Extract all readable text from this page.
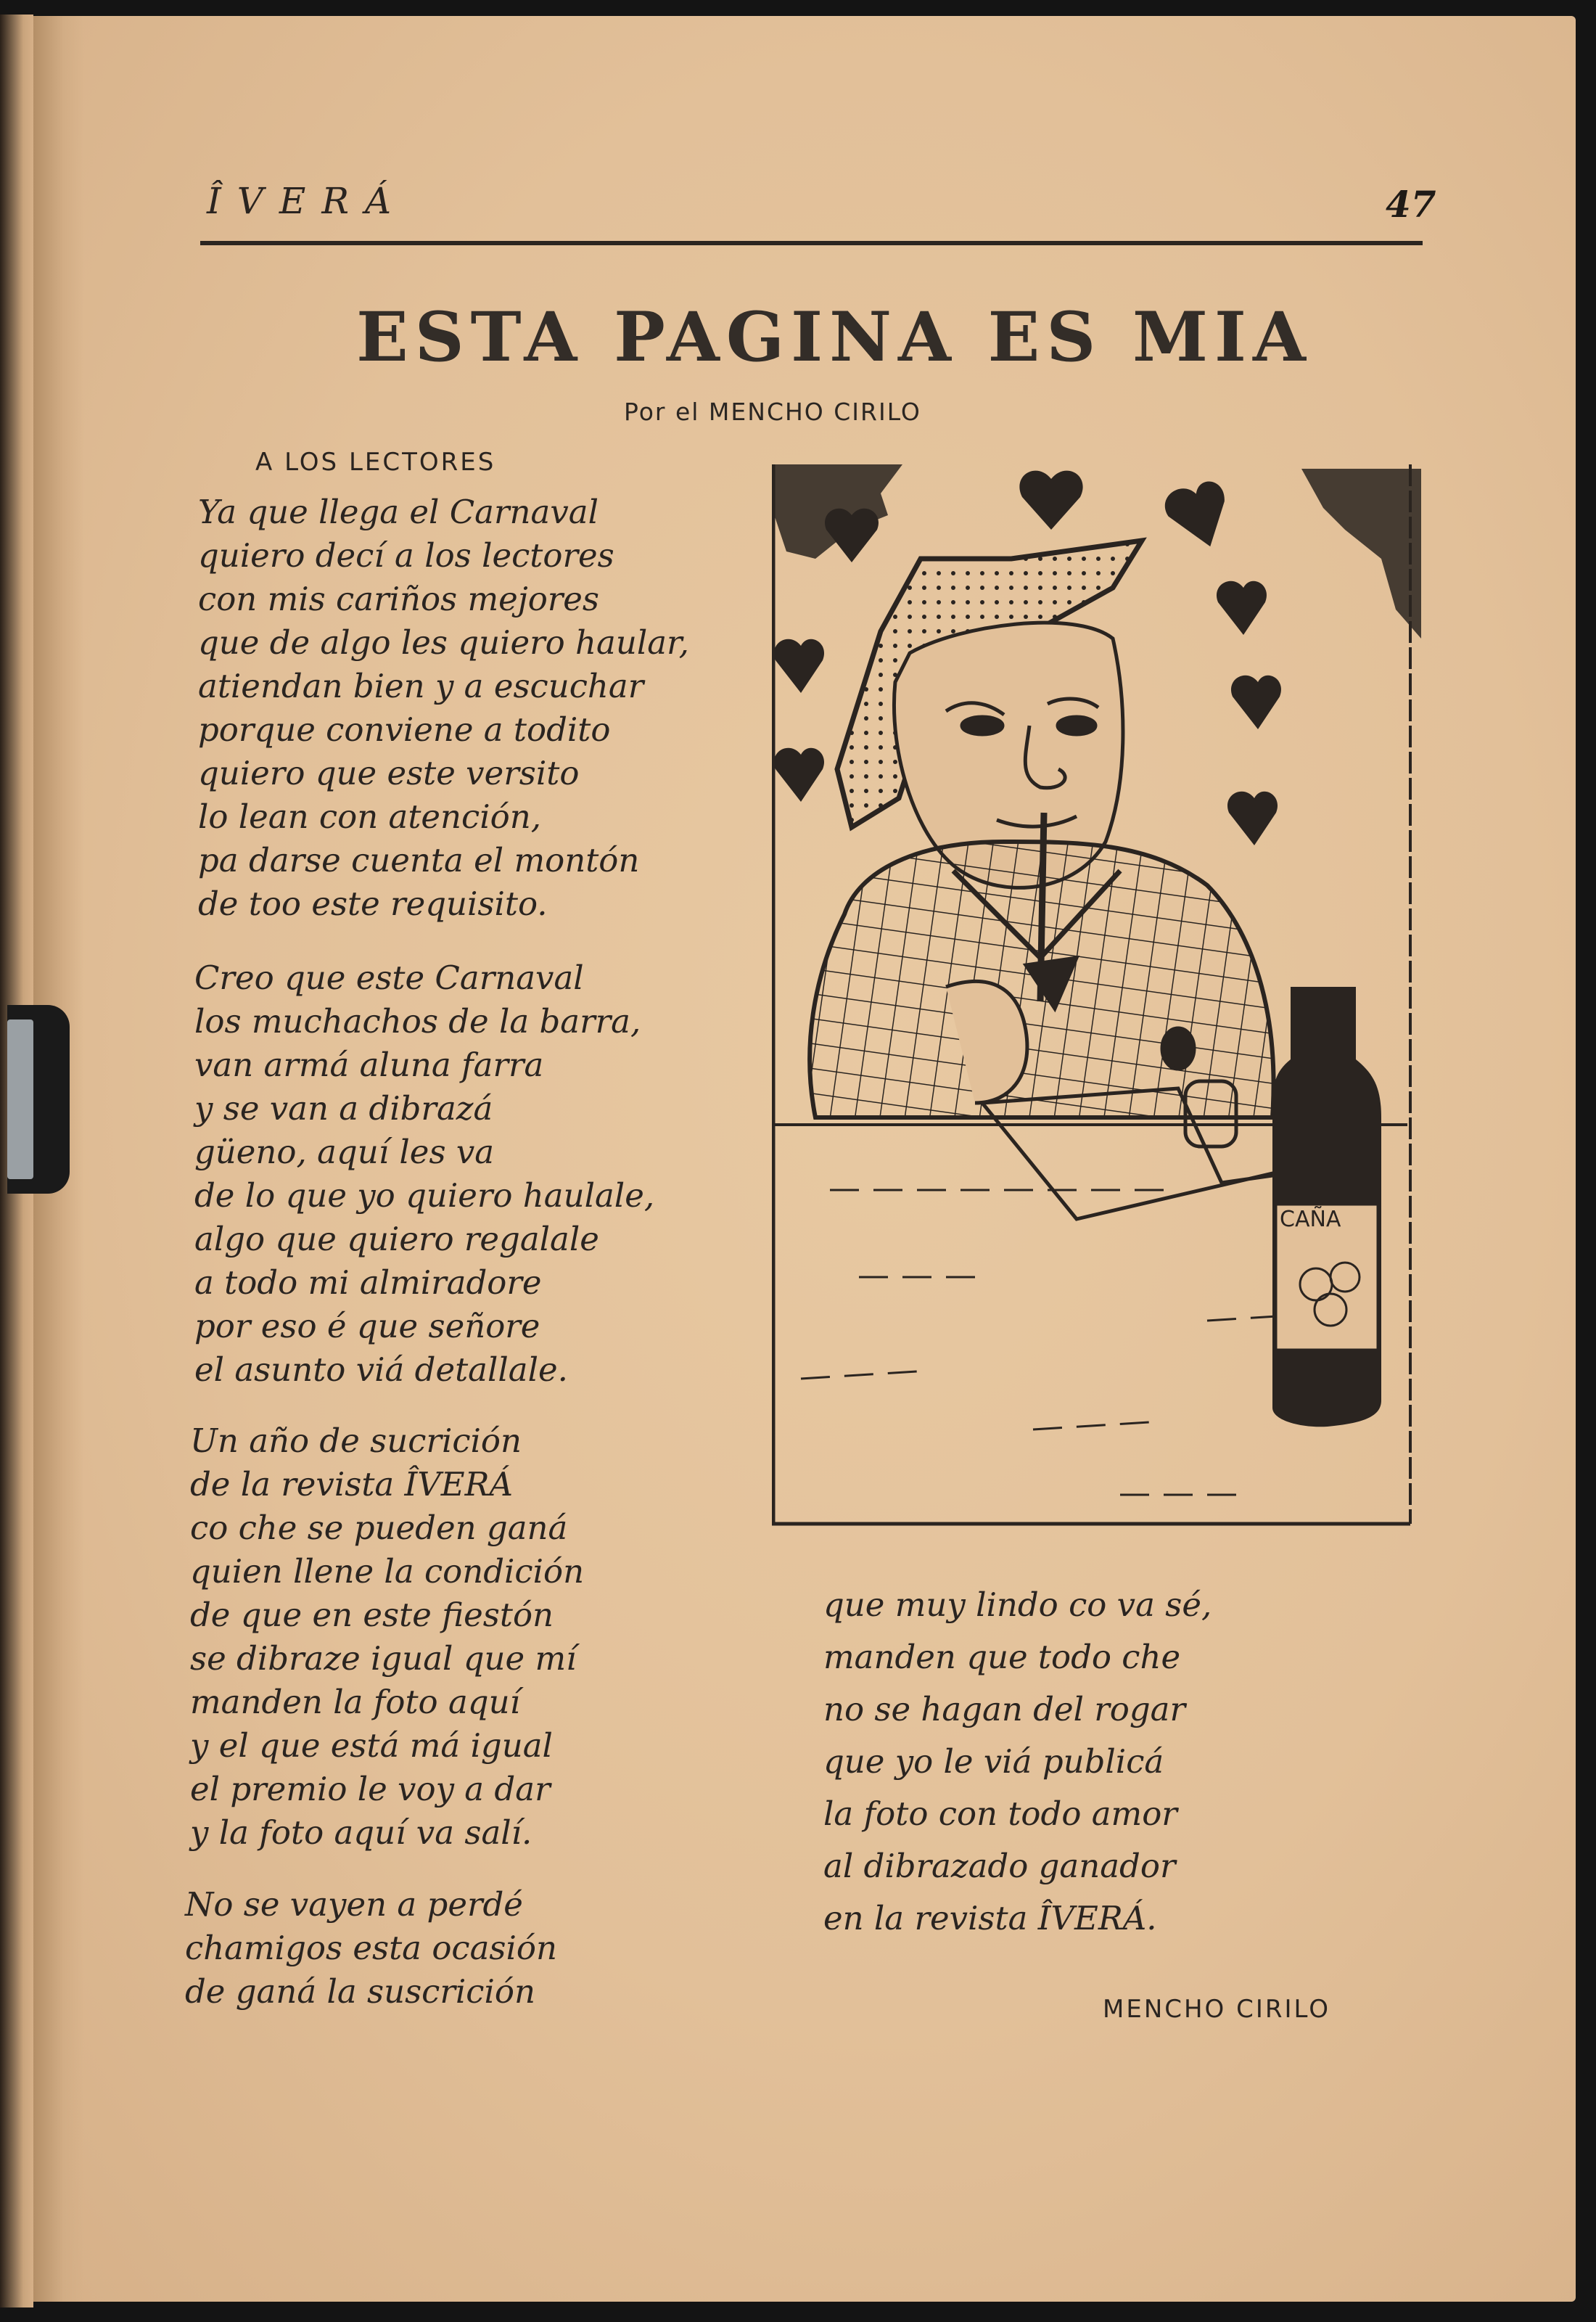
ÎVERÁ	47
ESTA PAGINA ES MIA
Por el MENCHO CIRILO
A LOS LECTORES
Ya que llega el Carnaval
quiero decí a los lectores
con mis cariños mejores
que de algo les quiero haular,
atiendan bien y a escuchar
porque conviene a todito
quiero que este versito
lo lean con atención,
pa darse cuenta el montón
de too este requisito.
Creo que este Carnaval
los muchachos de la barra,
van armá aluna farra
y se van a dibrazá
güeno, aquí les va
de lo que yo quiero haulale,
algo que quiero regalale
a todo mi almiradore
por eso é que señore
el asunto viá detallale.
Un año de sucrición
de la revista ÎVERÁ
co che se pueden ganá
quien llene la condición
de que en este fiestón
se dibraze igual que mí
manden la foto aquí
y el que está má igual
el premio le voy a dar
y la foto aquí va salí.
No se vayen a perdé
chamigos esta ocasión
de ganá la suscrición
que muy lindo co va sé,
manden que todo che
no se hagan del rogar
que yo le viá publicá
la foto con todo amor
al dibrazado ganador
en la revista ÎVERÁ.
MENCHO CIRILO
CAÑA
